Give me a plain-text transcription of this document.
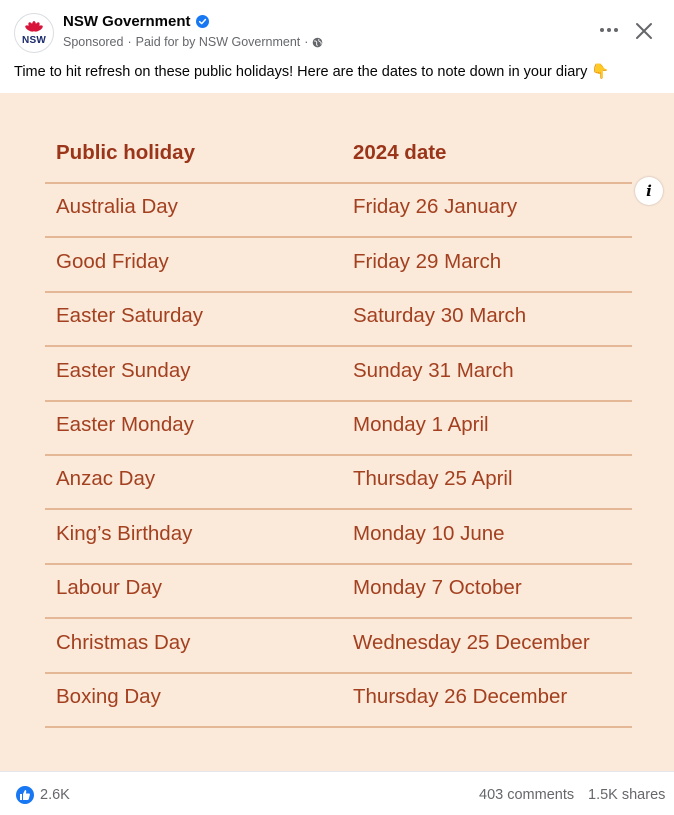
NSW
NSW Government
Sponsored · Paid for by NSW Government ·
Time to hit refresh on these public holidays! Here are the dates to note down in your diary 👇
i
Public holiday	2024 date
Australia Day	Friday 26 January
Good Friday	Friday 29 March
Easter Saturday	Saturday 30 March
Easter Sunday	Sunday 31 March
Easter Monday	Monday 1 April
Anzac Day	Thursday 25 April
King’s Birthday	Monday 10 June
Labour Day	Monday 7 October
Christmas Day	Wednesday 25 December
Boxing Day	Thursday 26 December
2.6K	403 comments 1.5K shares
